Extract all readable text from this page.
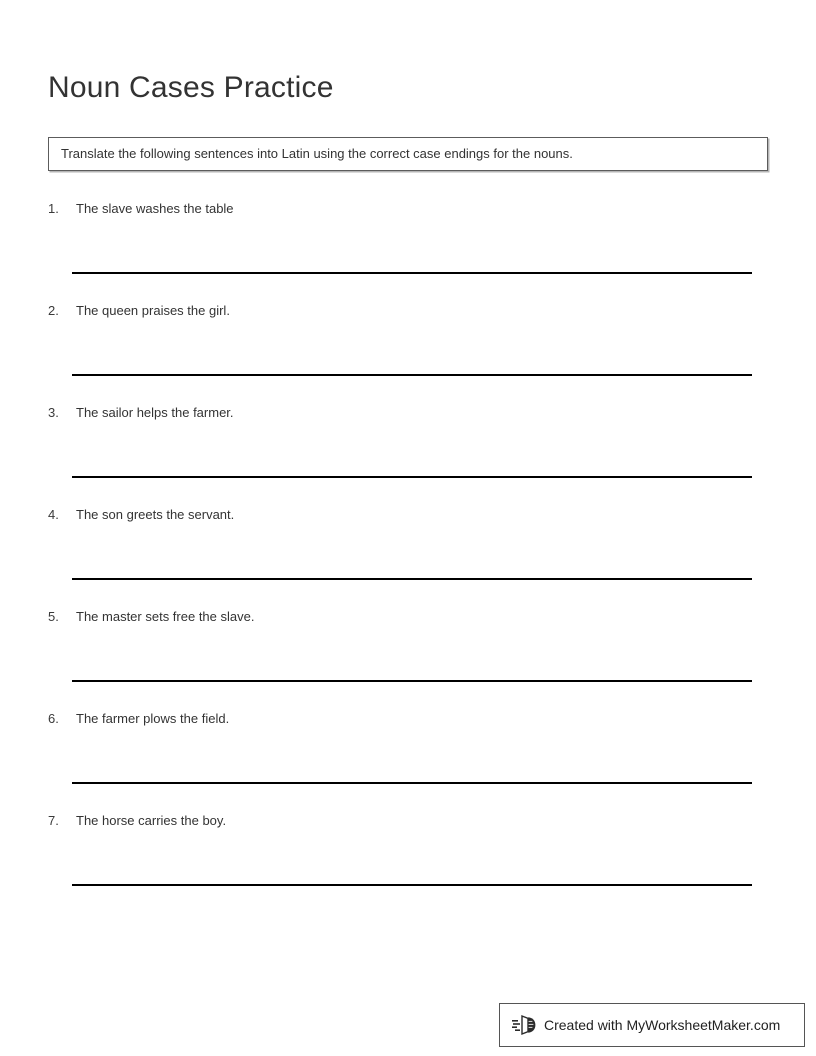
Noun Cases Practice
Translate the following sentences into Latin using the correct case endings for the nouns.
1.	The slave washes the table
2.	The queen praises the girl.
3.	The sailor helps the farmer.
4.	The son greets the servant.
5.	The master sets free the slave.
6.	The farmer plows the field.
7.	The horse carries the boy.
Created with MyWorksheetMaker.com
